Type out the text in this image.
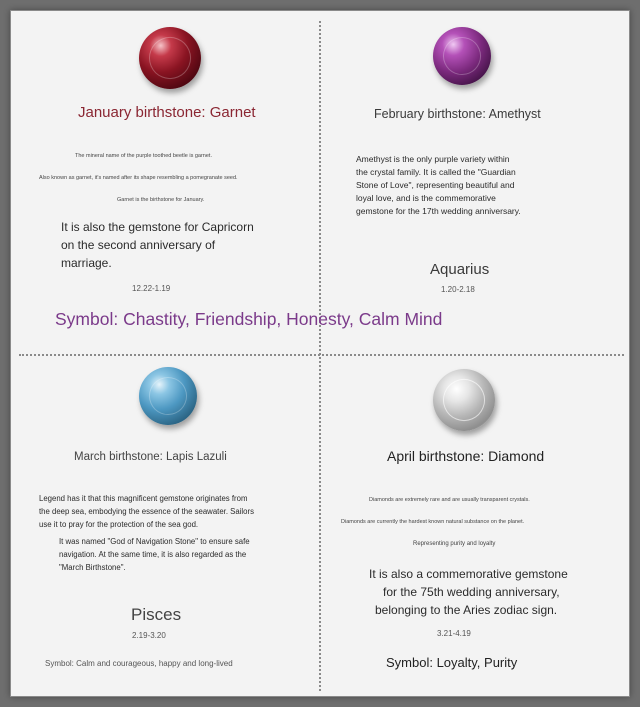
January birthstone: Garnet
The mineral name of the purple toothed beetle is garnet.
Also known as garnet, it's named after its shape resembling a pomegranate seed.
Garnet is the birthstone for January.
It is also the gemstone for Capricorn
on the second anniversary of
marriage.
12.22-1.19
February birthstone: Amethyst
Amethyst is the only purple variety within
the crystal family. It is called the "Guardian
Stone of Love", representing beautiful and
loyal love, and is the commemorative
gemstone for the 17th wedding anniversary.
Aquarius
1.20-2.18
Symbol: Chastity, Friendship, Honesty, Calm Mind
March birthstone: Lapis Lazuli
Legend has it that this magnificent gemstone originates from
the deep sea, embodying the essence of the seawater. Sailors
use it to pray for the protection of the sea god.
It was named "God of Navigation Stone" to ensure safe
navigation. At the same time, it is also regarded as the
"March Birthstone".
Pisces
2.19-3.20
Symbol: Calm and courageous, happy and long-lived
April birthstone: Diamond
Diamonds are extremely rare and are usually transparent crystals.
Diamonds are currently the hardest known natural substance on the planet.
Representing purity and loyalty
It is also a commemorative gemstone
for the 75th wedding anniversary,
belonging to the Aries zodiac sign.
3.21-4.19
Symbol: Loyalty, Purity
